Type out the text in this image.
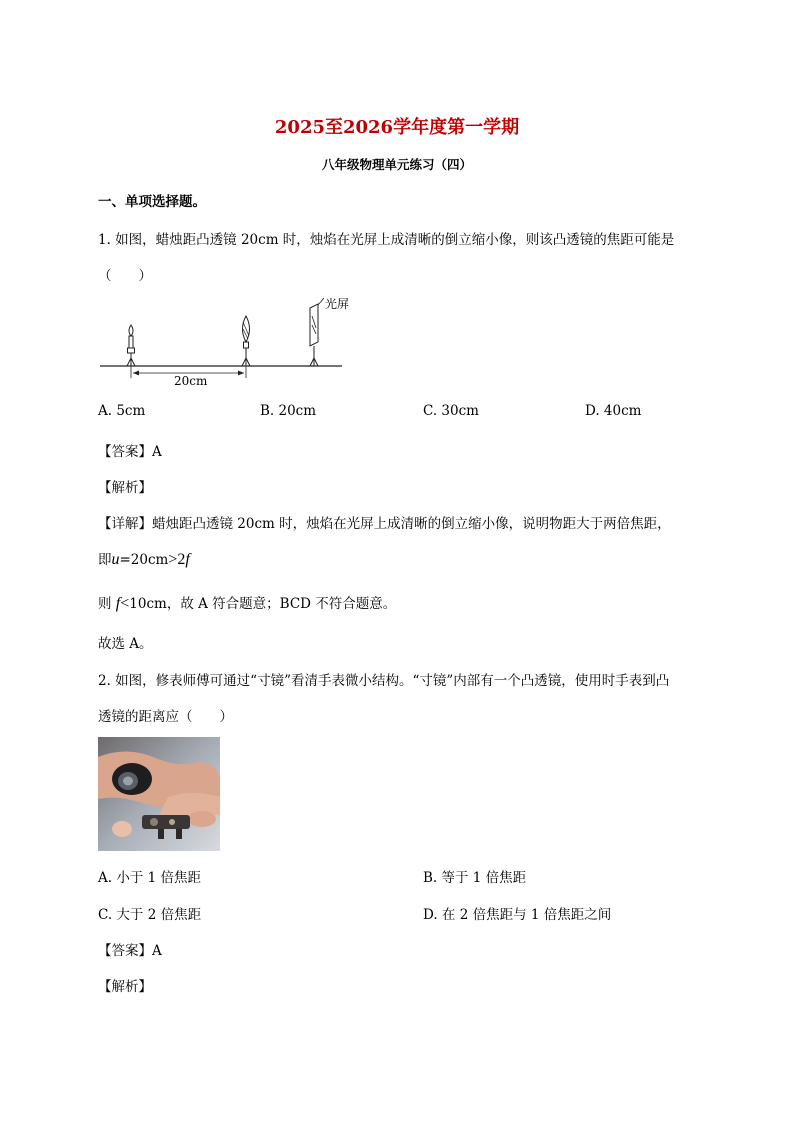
2025至2026学年度第一学期
八年级物理单元练习（四）
一、单项选择题。
1. 如图，蜡烛距凸透镜 20cm 时，烛焰在光屏上成清晰的倒立缩小像，则该凸透镜的焦距可能是
（　　）
光屏
20cm
A. 5cm	B. 20cm	C. 30cm	D. 40cm
【答案】A
【解析】
【详解】蜡烛距凸透镜 20cm 时，烛焰在光屏上成清晰的倒立缩小像，说明物距大于两倍焦距，
即u=20cm>2f
则 f<10cm，故 A 符合题意；BCD 不符合题意。
故选 A。
2. 如图，修表师傅可通过“寸镜”看清手表微小结构。“寸镜”内部有一个凸透镜，使用时手表到凸
透镜的距离应（　　）
A. 小于 1 倍焦距	B. 等于 1 倍焦距
C. 大于 2 倍焦距	D. 在 2 倍焦距与 1 倍焦距之间
【答案】A
【解析】
